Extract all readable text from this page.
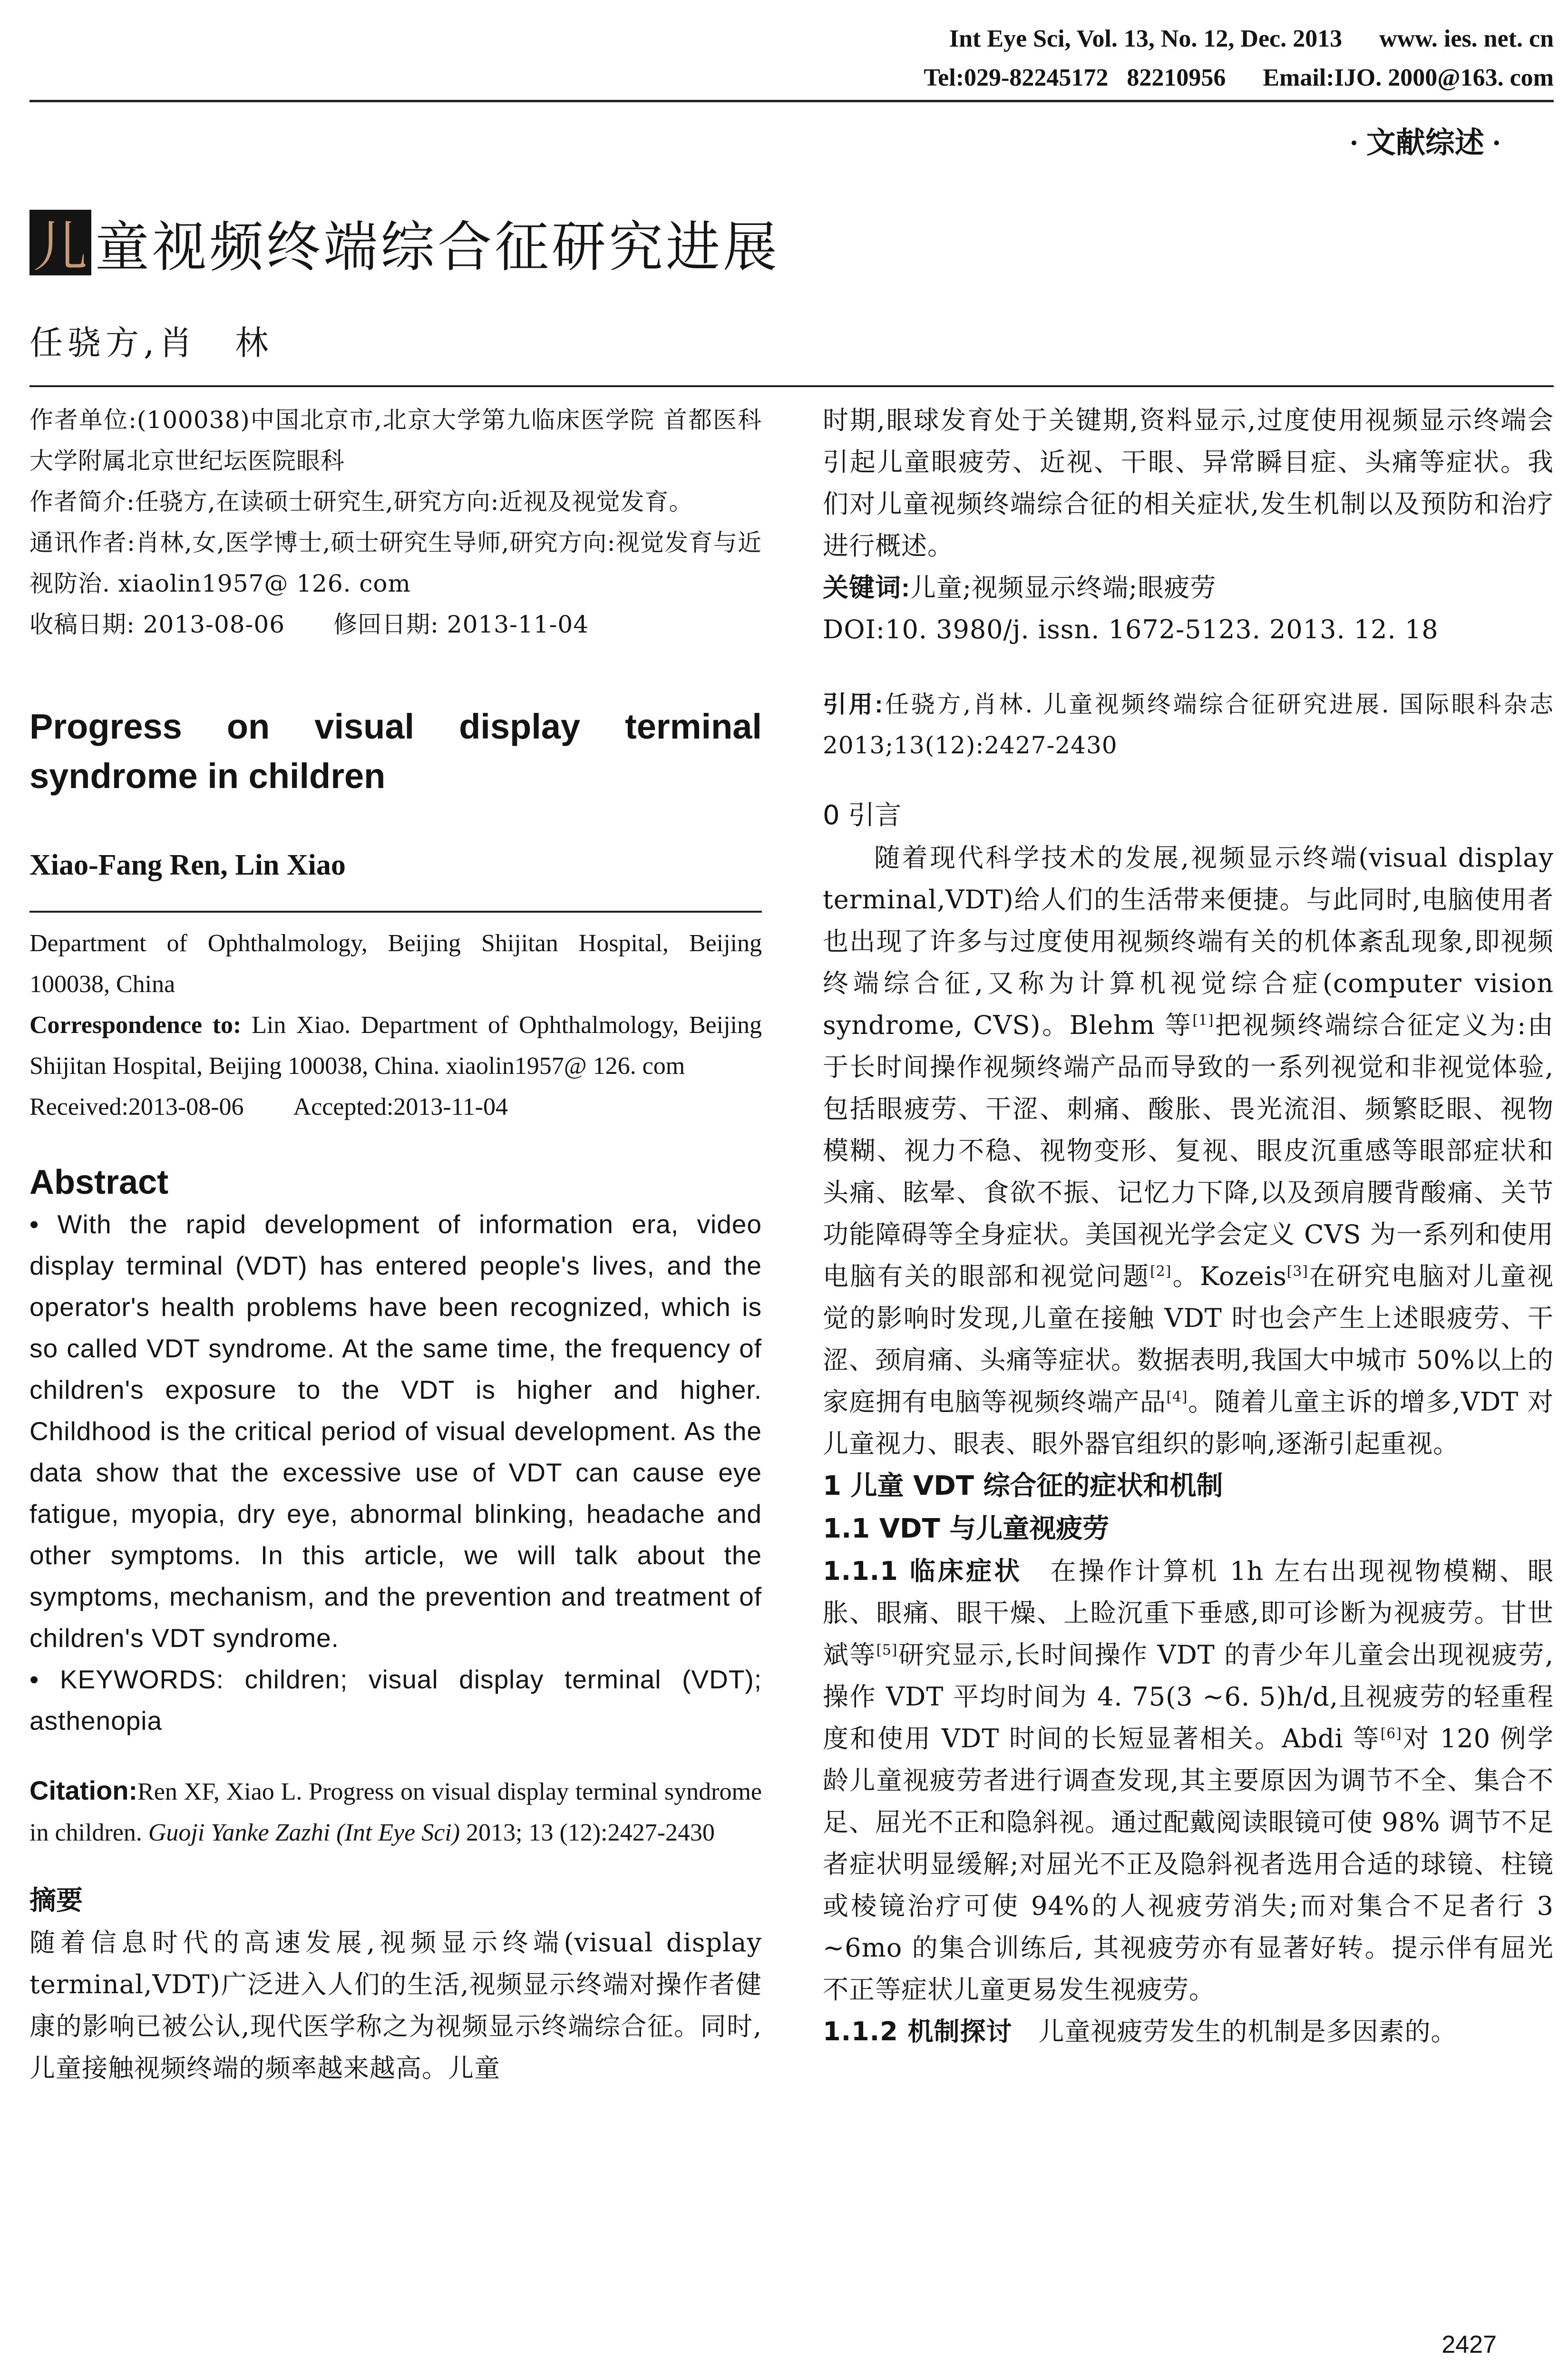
Int Eye Sci, Vol. 13, No. 12, Dec. 2013      www. ies. net. cn
Tel:029-82245172   82210956      Email:IJO. 2000@163. com
· 文献综述 ·
儿 童视频终端综合征研究进展
任骁方,肖　林

作者单位:(100038)中国北京市,北京大学第九临床医学院 首都医科大学附属北京世纪坛医院眼科

作者简介:任骁方,在读硕士研究生,研究方向:近视及视觉发育。

通讯作者:肖林,女,医学博士,硕士研究生导师,研究方向:视觉发育与近视防治. xiaolin1957@ 126. com

收稿日期: 2013-08-06　　修回日期: 2013-11-04

Progress on visual display terminal syndrome in children

Xiao-Fang Ren, Lin Xiao

Department of Ophthalmology, Beijing Shijitan Hospital, Beijing 100038, China

Correspondence to: Lin Xiao. Department of Ophthalmology, Beijing Shijitan Hospital, Beijing 100038, China. xiaolin1957@ 126. com

Received:2013-08-06　　Accepted:2013-11-04

Abstract

• With the rapid development of information era, video display terminal (VDT) has entered people's lives, and the operator's health problems have been recognized, which is so called VDT syndrome. At the same time, the frequency of children's exposure to the VDT is higher and higher. Childhood is the critical period of visual development. As the data show that the excessive use of VDT can cause eye fatigue, myopia, dry eye, abnormal blinking, headache and other symptoms. In this article, we will talk about the symptoms, mechanism, and the prevention and treatment of children's VDT syndrome.

• KEYWORDS: children; visual display terminal (VDT); asthenopia

Citation:Ren XF, Xiao L. Progress on visual display terminal syndrome in children. Guoji Yanke Zazhi (Int Eye Sci) 2013; 13 (12):2427-2430

摘要

随着信息时代的高速发展,视频显示终端(visual display terminal,VDT)广泛进入人们的生活,视频显示终端对操作者健康的影响已被公认,现代医学称之为视频显示终端综合征。同时,儿童接触视频终端的频率越来越高。儿童

时期,眼球发育处于关键期,资料显示,过度使用视频显示终端会引起儿童眼疲劳、近视、干眼、异常瞬目症、头痛等症状。我们对儿童视频终端综合征的相关症状,发生机制以及预防和治疗进行概述。

关键词:儿童;视频显示终端;眼疲劳

DOI:10. 3980/j. issn. 1672-5123. 2013. 12. 18

引用:任骁方,肖林. 儿童视频终端综合征研究进展. 国际眼科杂志 2013;13(12):2427-2430

0 引言

随着现代科学技术的发展,视频显示终端(visual display terminal,VDT)给人们的生活带来便捷。与此同时,电脑使用者也出现了许多与过度使用视频终端有关的机体紊乱现象,即视频终端综合征,又称为计算机视觉综合症(computer vision syndrome, CVS)。Blehm 等[1]把视频终端综合征定义为:由于长时间操作视频终端产品而导致的一系列视觉和非视觉体验,包括眼疲劳、干涩、刺痛、酸胀、畏光流泪、频繁眨眼、视物模糊、视力不稳、视物变形、复视、眼皮沉重感等眼部症状和头痛、眩晕、食欲不振、记忆力下降,以及颈肩腰背酸痛、关节功能障碍等全身症状。美国视光学会定义 CVS 为一系列和使用电脑有关的眼部和视觉问题[2]。Kozeis[3]在研究电脑对儿童视觉的影响时发现,儿童在接触 VDT 时也会产生上述眼疲劳、干涩、颈肩痛、头痛等症状。数据表明,我国大中城市 50%以上的家庭拥有电脑等视频终端产品[4]。随着儿童主诉的增多,VDT 对儿童视力、眼表、眼外器官组织的影响,逐渐引起重视。

1 儿童 VDT 综合征的症状和机制

1.1 VDT 与儿童视疲劳

1.1.1 临床症状　在操作计算机 1h 左右出现视物模糊、眼胀、眼痛、眼干燥、上睑沉重下垂感,即可诊断为视疲劳。甘世斌等[5]研究显示,长时间操作 VDT 的青少年儿童会出现视疲劳,操作 VDT 平均时间为 4. 75(3 ~6. 5)h/d,且视疲劳的轻重程度和使用 VDT 时间的长短显著相关。Abdi 等[6]对 120 例学龄儿童视疲劳者进行调查发现,其主要原因为调节不全、集合不足、屈光不正和隐斜视。通过配戴阅读眼镜可使 98% 调节不足者症状明显缓解;对屈光不正及隐斜视者选用合适的球镜、柱镜或棱镜治疗可使 94%的人视疲劳消失;而对集合不足者行 3 ~6mo 的集合训练后, 其视疲劳亦有显著好转。提示伴有屈光不正等症状儿童更易发生视疲劳。

1.1.2 机制探讨　儿童视疲劳发生的机制是多因素的。

2427
